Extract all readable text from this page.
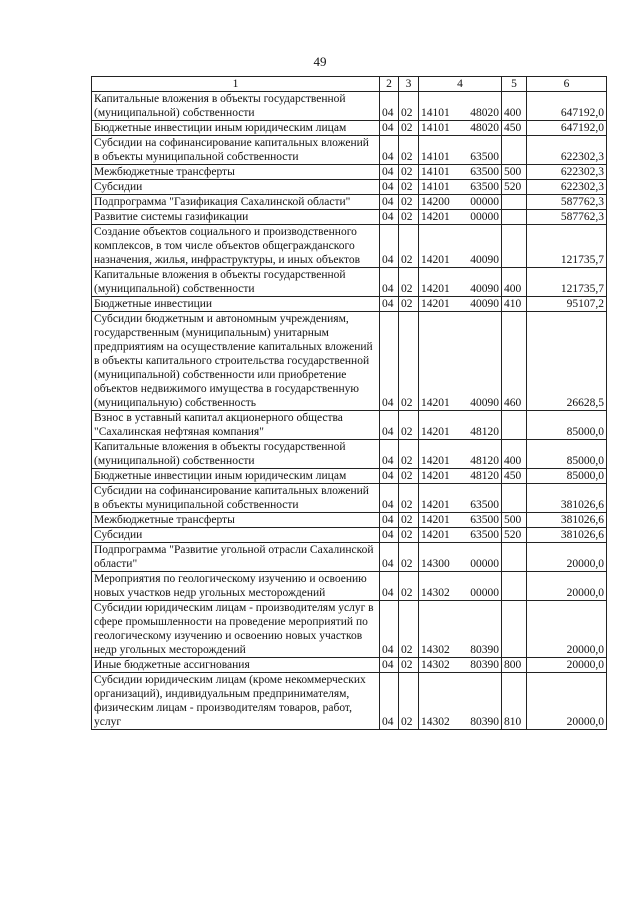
49
1	2	3	4	5	6
Капитальные вложения в объекты государственной (муниципальной) собственности	04	02	14101 48020	400	647192,0
Бюджетные инвестиции иным юридическим лицам	04	02	14101 48020	450	647192,0
Субсидии на софинансирование капитальных вложений в объекты муниципальной собственности	04	02	14101 63500		622302,3
Межбюджетные трансферты	04	02	14101 63500	500	622302,3
Субсидии	04	02	14101 63500	520	622302,3
Подпрограмма "Газификация Сахалинской области"	04	02	14200 00000		587762,3
Развитие системы газификации	04	02	14201 00000		587762,3
Создание объектов социального и производственного комплексов, в том числе объектов общегражданского назначения, жилья, инфраструктуры, и иных объектов	04	02	14201 40090		121735,7
Капитальные вложения в объекты государственной (муниципальной) собственности	04	02	14201 40090	400	121735,7
Бюджетные инвестиции	04	02	14201 40090	410	95107,2
Субсидии бюджетным и автономным учреждениям, государственным (муниципальным) унитарным предприятиям на осуществление капитальных вложений в объекты капитального строительства государственной (муниципальной) собственности или приобретение объектов недвижимого имущества в государственную (муниципальную) собственность	04	02	14201 40090	460	26628,5
Взнос в уставный капитал акционерного общества "Сахалинская нефтяная компания"	04	02	14201 48120		85000,0
Капитальные вложения в объекты государственной (муниципальной) собственности	04	02	14201 48120	400	85000,0
Бюджетные инвестиции иным юридическим лицам	04	02	14201 48120	450	85000,0
Субсидии на софинансирование капитальных вложений в объекты муниципальной собственности	04	02	14201 63500		381026,6
Межбюджетные трансферты	04	02	14201 63500	500	381026,6
Субсидии	04	02	14201 63500	520	381026,6
Подпрограмма "Развитие угольной отрасли Сахалинской области"	04	02	14300 00000		20000,0
Мероприятия по геологическому изучению и освоению новых участков недр угольных месторождений	04	02	14302 00000		20000,0
Субсидии юридическим лицам - производителям услуг в сфере промышленности на проведение мероприятий по геологическому изучению и освоению новых участков недр угольных месторождений	04	02	14302 80390		20000,0
Иные бюджетные ассигнования	04	02	14302 80390	800	20000,0
Субсидии юридическим лицам (кроме некоммерческих организаций), индивидуальным предпринимателям, физическим лицам - производителям товаров, работ, услуг	04	02	14302 80390	810	20000,0
